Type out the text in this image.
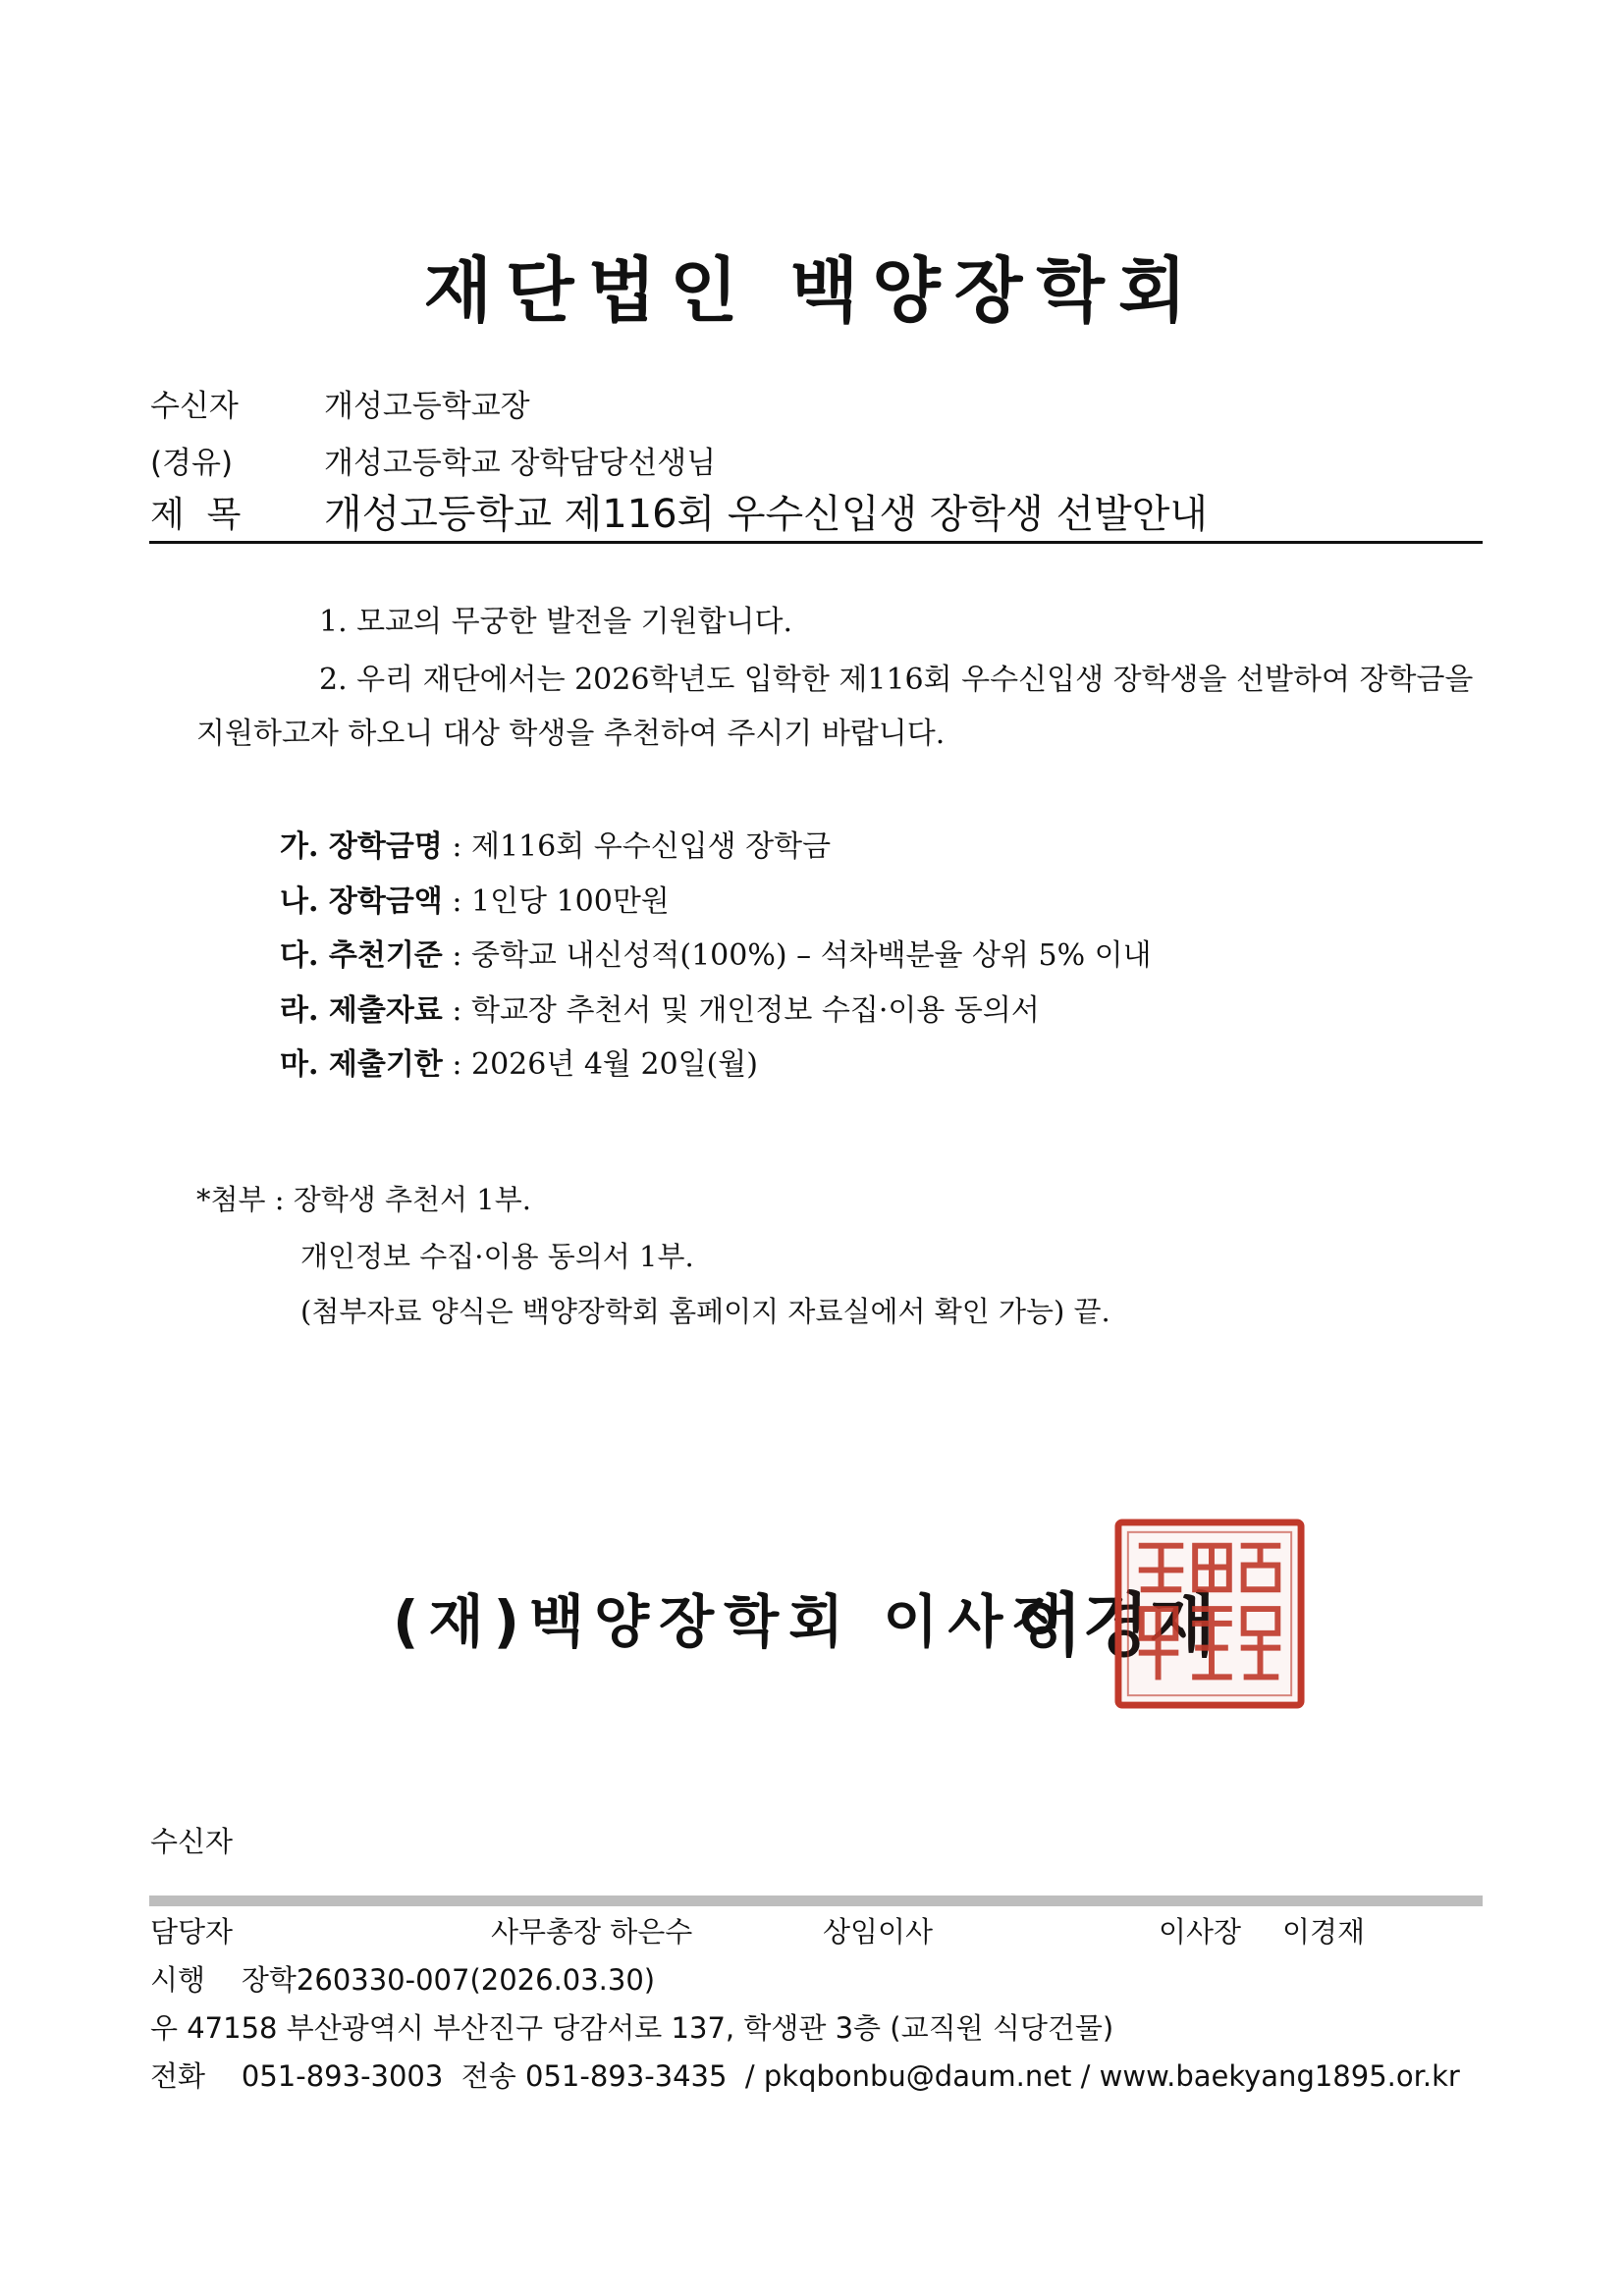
재단법인 백양장학회
수신자	개성고등학교장
(경유)	개성고등학교 장학담당선생님
제  목 개성고등학교 제116회 우수신입생 장학생 선발안내
1. 모교의 무궁한 발전을 기원합니다.
2. 우리 재단에서는 2026학년도 입학한 제116회 우수신입생 장학생을 선발하여 장학금을
지원하고자 하오니 대상 학생을 추천하여 주시기 바랍니다.
가. 장학금명 : 제116회 우수신입생 장학금
나. 장학금액 : 1인당 100만원
다. 추천기준 : 중학교 내신성적(100%) – 석차백분율 상위 5% 이내
라. 제출자료 : 학교장 추천서 및 개인정보 수집·이용 동의서
마. 제출기한 : 2026년 4월 20일(월)
*첨부 : 장학생 추천서 1부.
개인정보 수집·이용 동의서 1부.
(첨부자료 양식은 백양장학회 홈페이지 자료실에서 확인 가능) 끝.
(재)백양장학회 이사장
이경재
수신자
담당자	사무총장 하은수	상임이사	이사장 이경재
시행    장학260330-007(2026.03.30)
우 47158 부산광역시 부산진구 당감서로 137, 학생관 3층 (교직원 식당건물)
전화    051-893-3003  전송 051-893-3435  / pkqbonbu@daum.net / www.baekyang1895.or.kr
